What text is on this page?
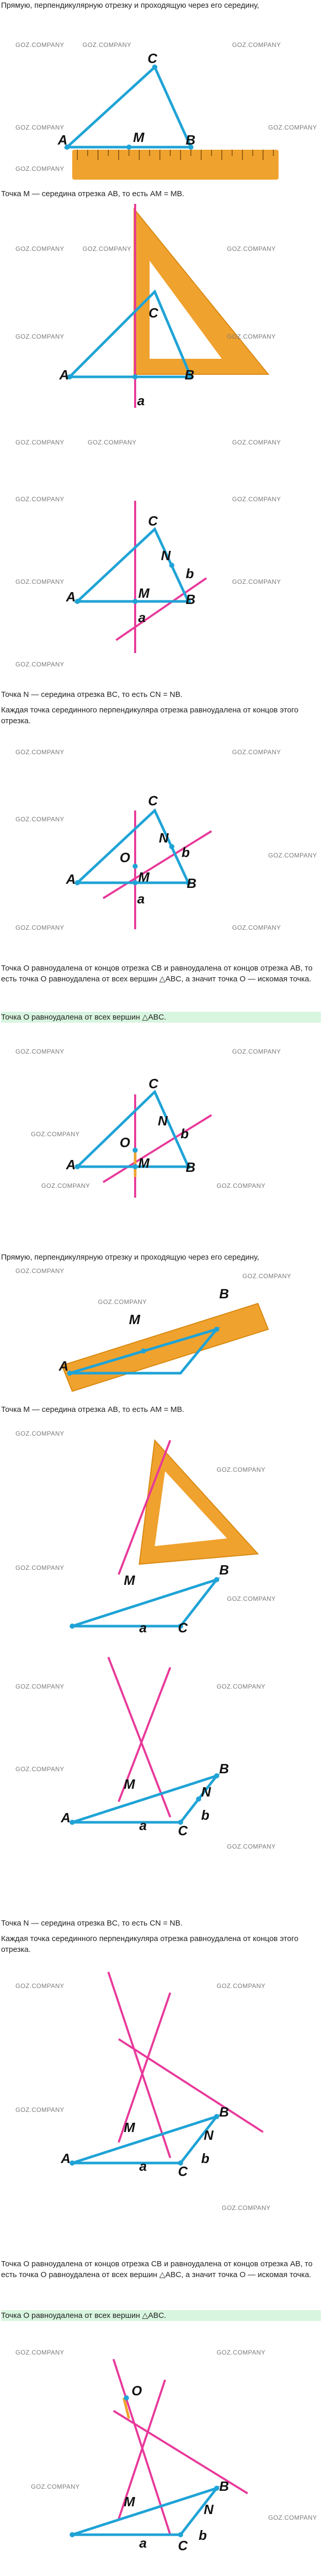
Прямую, перпендикулярную отрезку и проходящую через его середину,

A
C
B
M
GOZ.COMPANY	GOZ.COMPANY	GOZ.COMPANY
GOZ.COMPANY	GOZ.COMPANY
GOZ.COMPANY

Точка M — середина отрезка AB, то есть AM = MB.

A	B
C
a
GOZ.COMPANY	GOZ.COMPANY	GOZ.COMPANY
GOZ.COMPANY	GOZ.COMPANY
A	B
C
M
N
b
a
GOZ.COMPANY	GOZ.COMPANY	GOZ.COMPANY
GOZ.COMPANY	GOZ.COMPANY
GOZ.COMPANY	GOZ.COMPANY
GOZ.COMPANY

Точка N — середина отрезка BC, то есть CN = NB.

Каждая точка серединного перпендикуляра отрезка равноудалена от концов этого отрезка.

A	B
C
M
N
O	b
a
GOZ.COMPANY	GOZ.COMPANY
GOZ.COMPANY
GOZ.COMPANY
GOZ.COMPANY	GOZ.COMPANY

Точка O равноудалена от концов отрезка CB и равноудалена от концов отрезка AB, то есть точка O равноудалена от всех вершин △ABC, а значит точка O — искомая точка.

Точка O равноудалена от всех вершин △ABC.

A	B
C
M
N
O
b
GOZ.COMPANY	GOZ.COMPANY
GOZ.COMPANY
GOZ.COMPANY	GOZ.COMPANY

Прямую, перпендикулярную отрезку и проходящую через его середину,

A
B
M
GOZ.COMPANY
GOZ.COMPANY
GOZ.COMPANY

Точка M — середина отрезка AB, то есть AM = MB.

B
M
a C
GOZ.COMPANY
GOZ.COMPANY
GOZ.COMPANY
GOZ.COMPANY
A
B
C
M	N
a
b
GOZ.COMPANY	GOZ.COMPANY
GOZ.COMPANY
GOZ.COMPANY

Точка N — середина отрезка BC, то есть CN = NB.

Каждая точка серединного перпендикуляра отрезка равноудалена от концов этого отрезка.

A
B
C
M	N
a	b
GOZ.COMPANY	GOZ.COMPANY
GOZ.COMPANY
GOZ.COMPANY

Точка O равноудалена от концов отрезка CB и равноудалена от концов отрезка AB, то есть точка O равноудалена от всех вершин △ABC, а значит точка O — искомая точка.

Точка O равноудалена от всех вершин △ABC.

O
B
C
M	N
a	b
GOZ.COMPANY	GOZ.COMPANY
GOZ.COMPANY
GOZ.COMPANY
